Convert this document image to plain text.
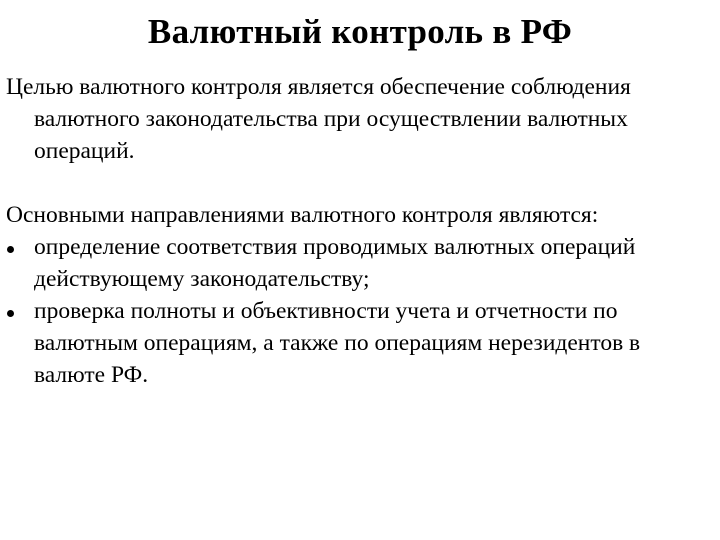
Валютный контроль в РФ

Целью валютного контроля является обеспечение соблюдения валютного законодательства при осуществлении валютных операций.

Основными направлениями валютного контроля являются:

определение соответствия проводимых валютных операций действующему законодательству;
проверка полноты и объективности учета и отчетности по валютным операциям, а также по операциям нерезидентов в валюте РФ.
